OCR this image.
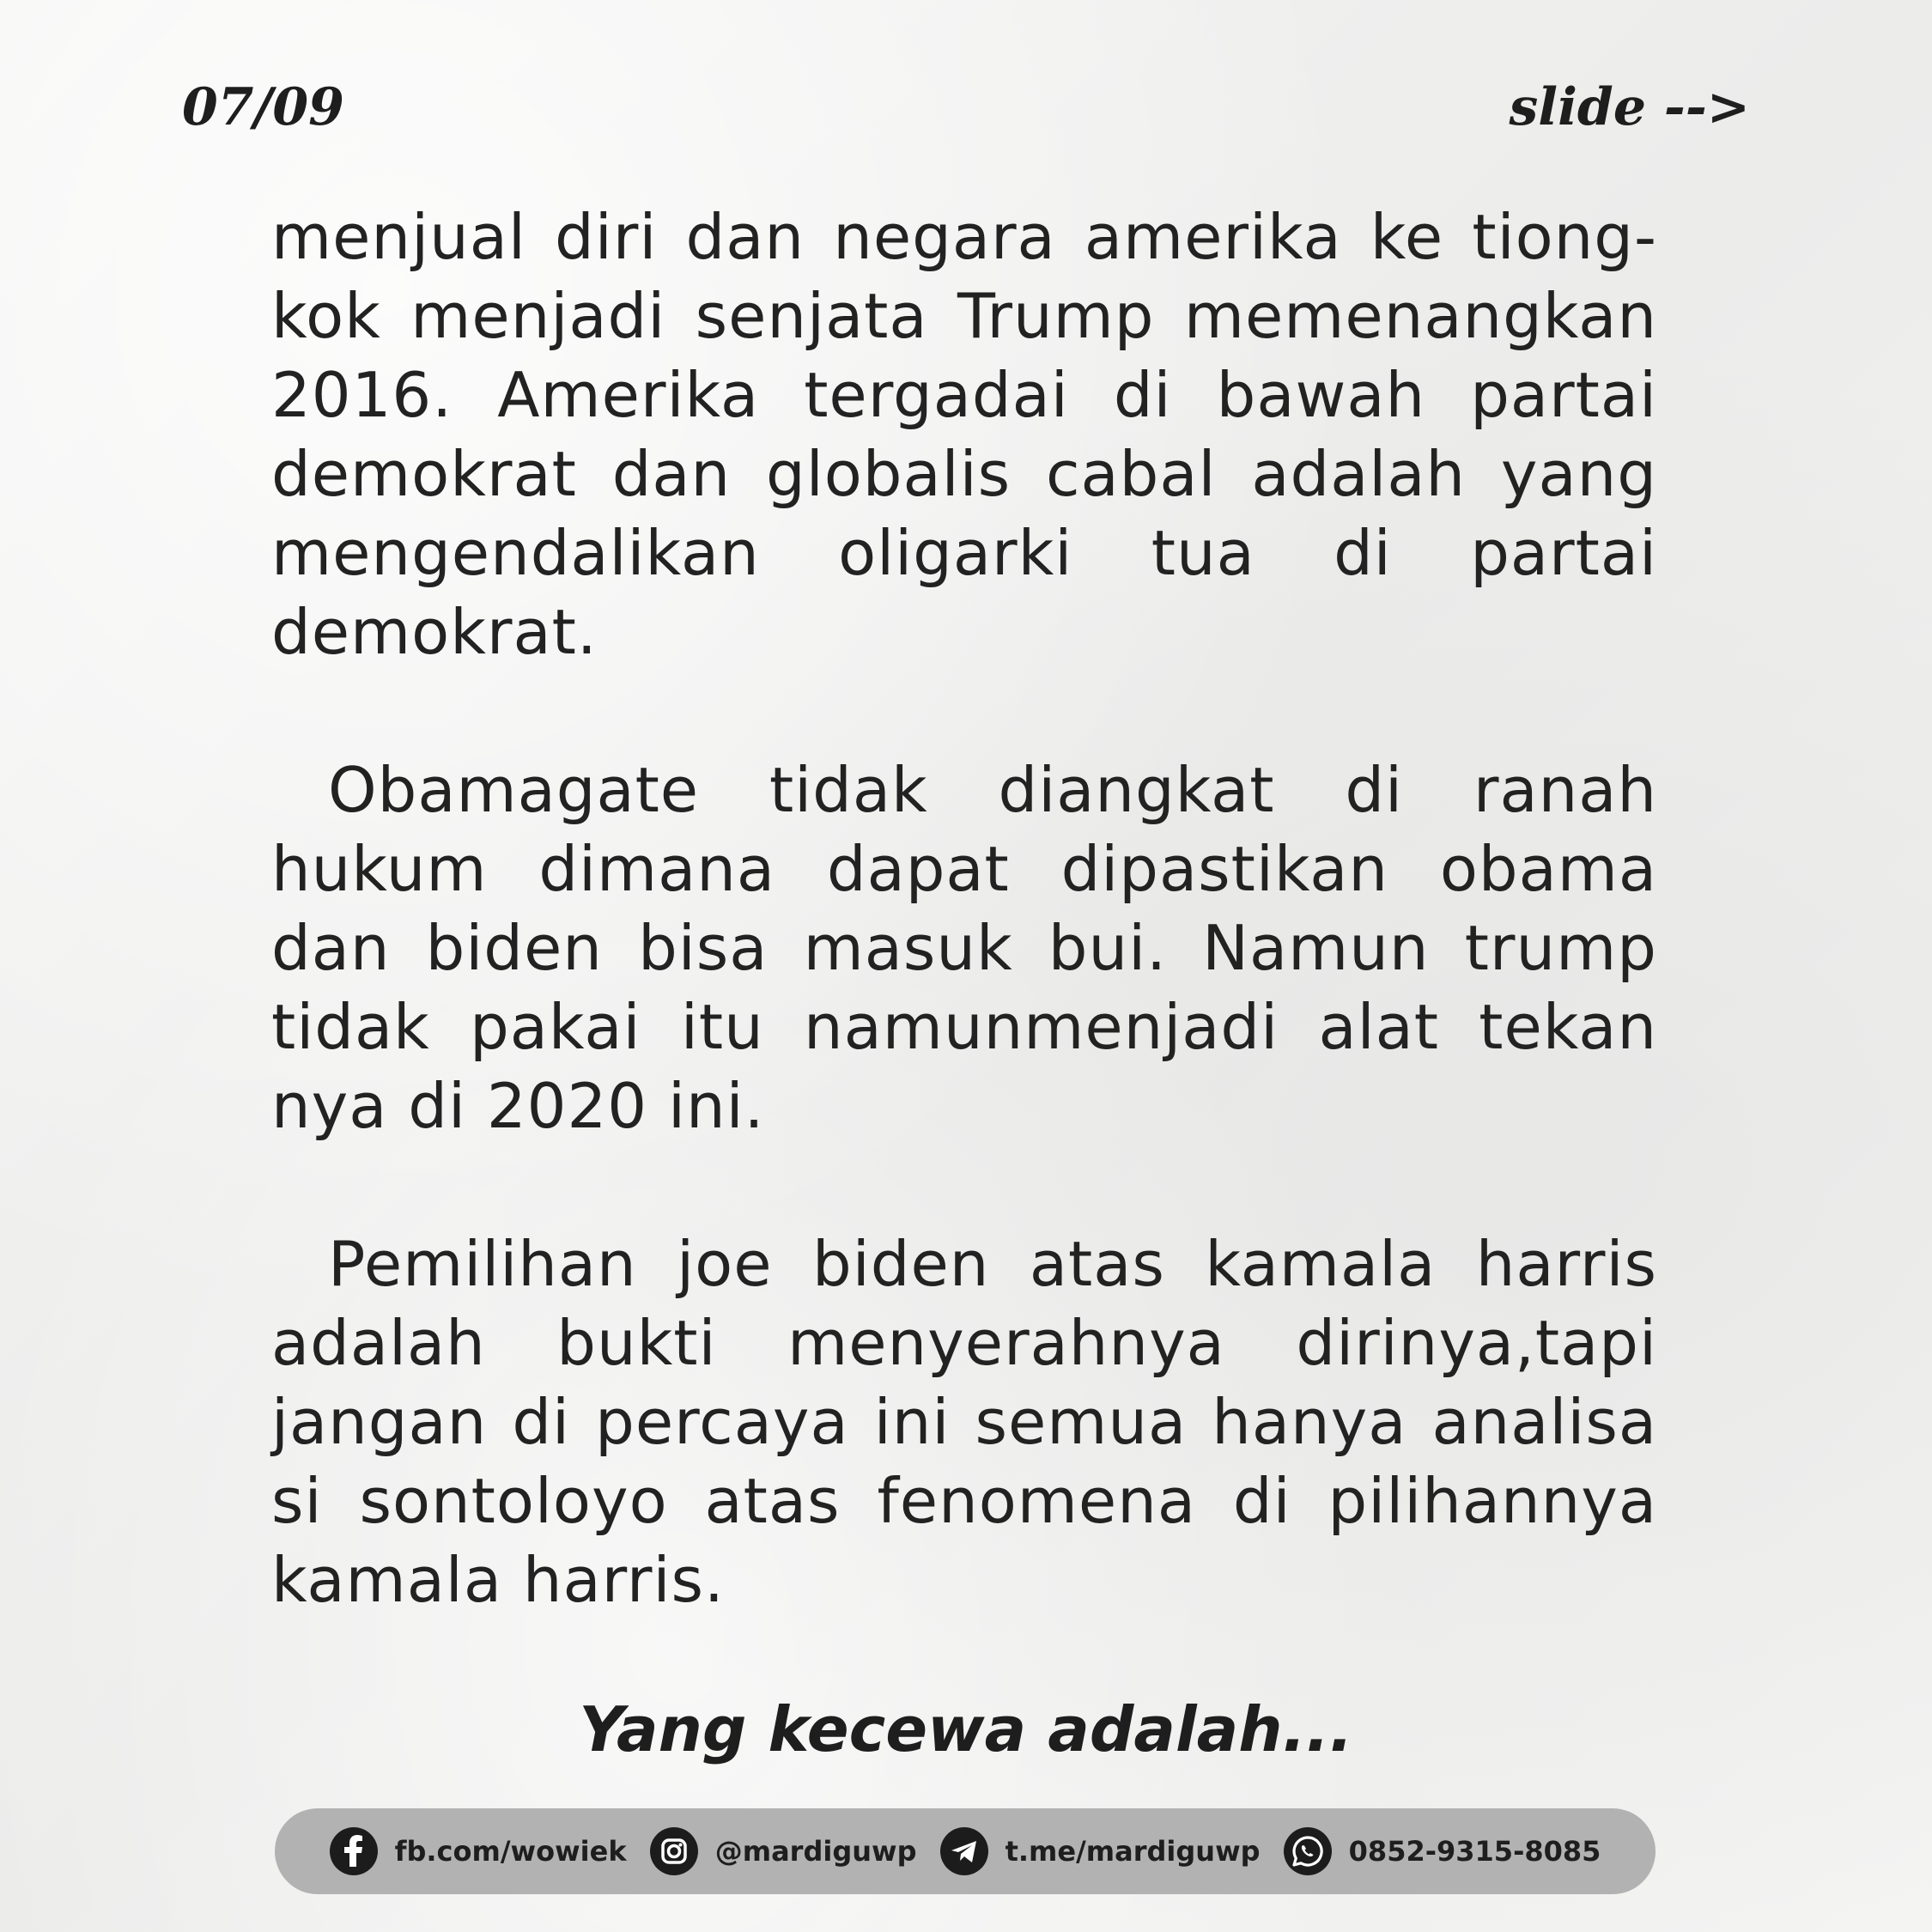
07/09	slide -->

menjual diri dan negara amerika ke tiong-kok menjadi senjata Trump memenangkan 2016. Amerika tergadai di bawah partai demokrat dan globalis cabal adalah yang mengendalikan oligarki tua di partai demokrat.

Obamagate tidak diangkat di ranah hukum dimana dapat dipastikan obama dan biden bisa masuk bui. Namun trump tidak pakai itu namunmenjadi alat tekan nya di 2020 ini.

Pemilihan joe biden atas kamala harris adalah bukti menyerahnya dirinya,tapi jangan di percaya ini semua hanya analisa si sontoloyo atas fenomena di pilihannya kamala harris.

Yang kecewa adalah...
fb.com/wowiek	@mardiguwp	t.me/mardiguwp	0852-9315-8085
